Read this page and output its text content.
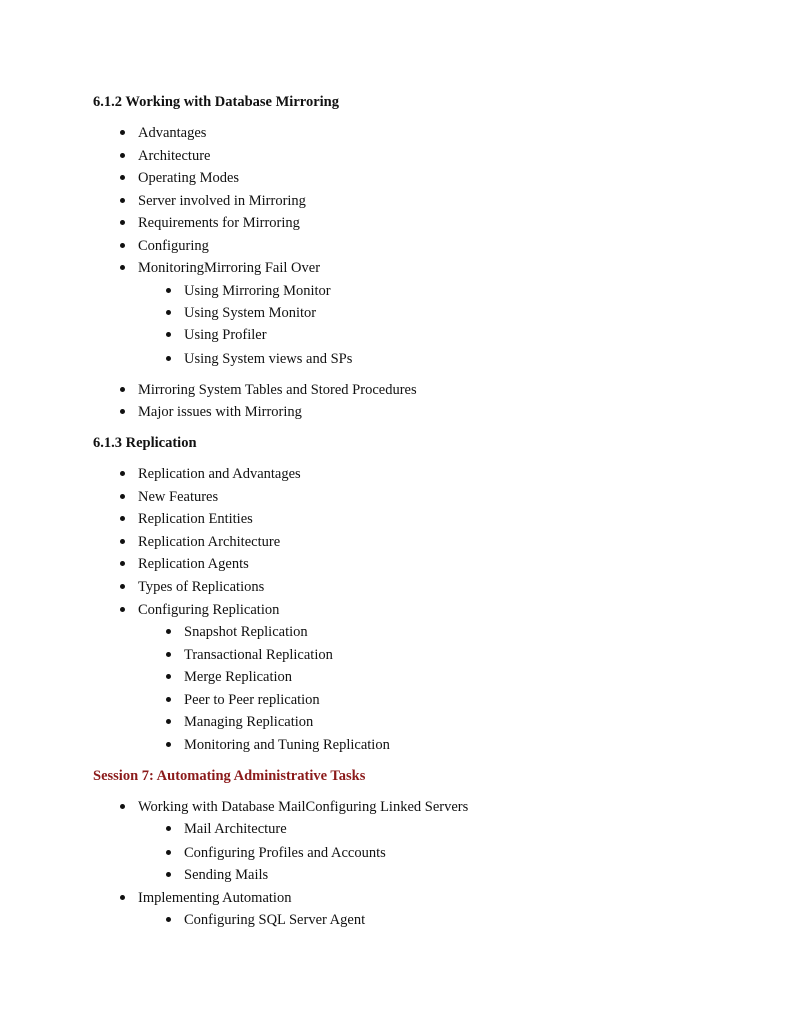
6.1.2 Working with Database Mirroring
Advantages
Architecture
Operating Modes
Server involved in Mirroring
Requirements for Mirroring
Configuring
MonitoringMirroring Fail Over
Using Mirroring Monitor
Using System Monitor
Using Profiler
Using System views and SPs
Mirroring System Tables and Stored Procedures
Major issues with Mirroring
6.1.3 Replication
Replication and Advantages
New Features
Replication Entities
Replication Architecture
Replication Agents
Types of Replications
Configuring Replication
Snapshot Replication
Transactional Replication
Merge Replication
Peer to Peer replication
Managing Replication
Monitoring and Tuning Replication
Session 7: Automating Administrative Tasks
Working with Database MailConfiguring Linked Servers
Mail Architecture
Configuring Profiles and Accounts
Sending Mails
Implementing Automation
Configuring SQL Server Agent
